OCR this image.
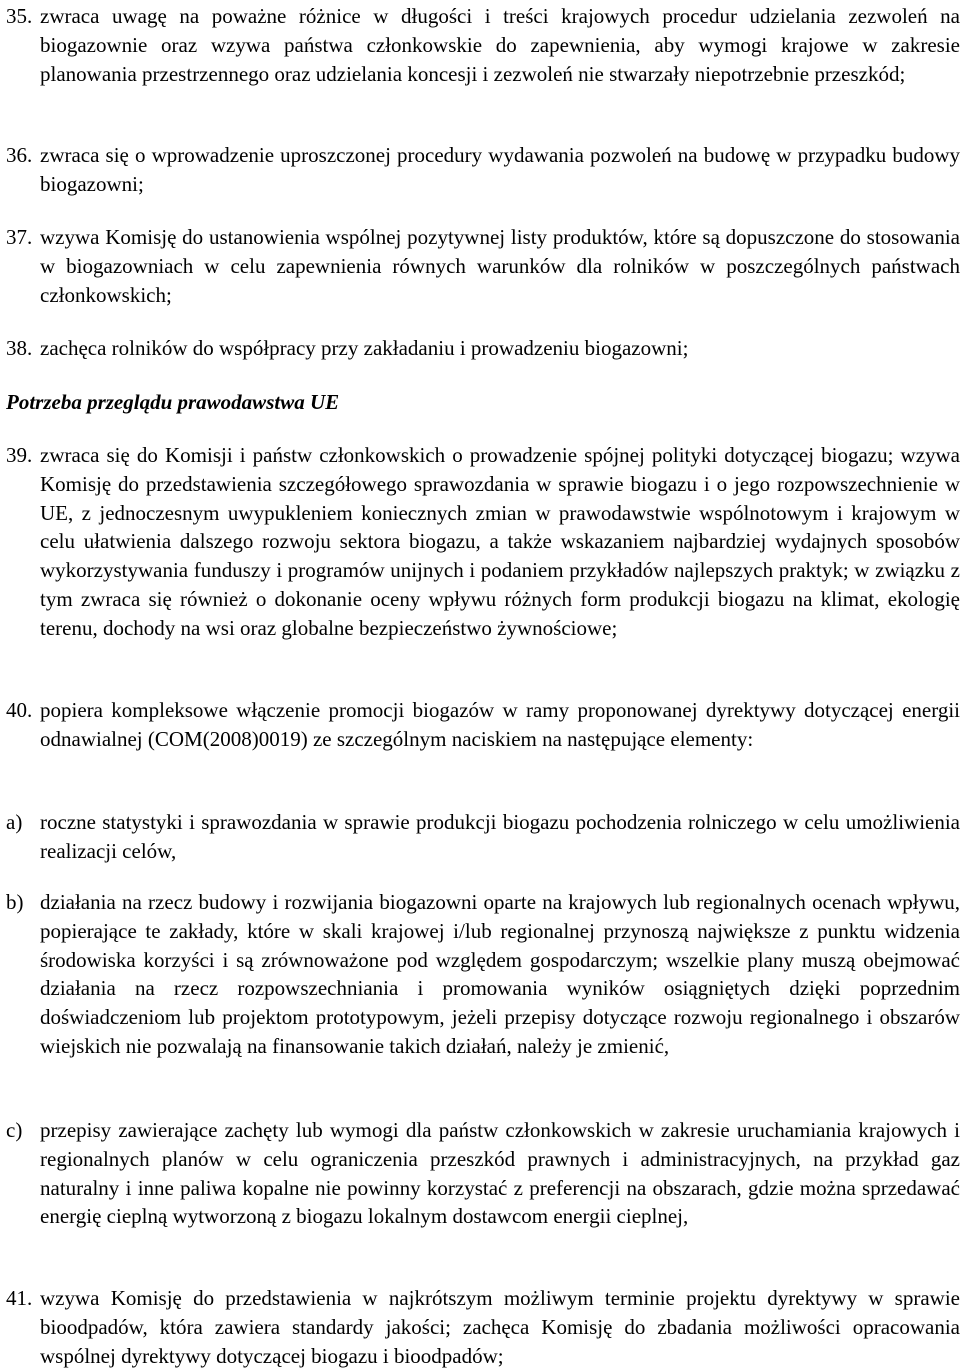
35. zwraca uwagę na poważne różnice w długości i treści krajowych procedur udzielania zezwoleń na biogazownie oraz wzywa państwa członkowskie do zapewnienia, aby wymogi krajowe w zakresie planowania przestrzennego oraz udzielania koncesji i zezwoleń nie stwarzały niepotrzebnie przeszkód;
36. zwraca się o wprowadzenie uproszczonej procedury wydawania pozwoleń na budowę w przypadku budowy biogazowni;
37. wzywa Komisję do ustanowienia wspólnej pozytywnej listy produktów, które są dopuszczone do stosowania w biogazowniach w celu zapewnienia równych warunków dla rolników w poszczególnych państwach członkowskich;
38. zachęca rolników do współpracy przy zakładaniu i prowadzeniu biogazowni;
Potrzeba przeglądu prawodawstwa UE
39. zwraca się do Komisji i państw członkowskich o prowadzenie spójnej polityki dotyczącej biogazu; wzywa Komisję do przedstawienia szczegółowego sprawozdania w sprawie biogazu i o jego rozpowszechnienie w UE, z jednoczesnym uwypukleniem koniecznych zmian w prawodawstwie wspólnotowym i krajowym w celu ułatwienia dalszego rozwoju sektora biogazu, a także wskazaniem najbardziej wydajnych sposobów wykorzystywania funduszy i programów unijnych i podaniem przykładów najlepszych praktyk; w związku z tym zwraca się również o dokonanie oceny wpływu różnych form produkcji biogazu na klimat, ekologię terenu, dochody na wsi oraz globalne bezpieczeństwo żywnościowe;
40. popiera kompleksowe włączenie promocji biogazów w ramy proponowanej dyrektywy dotyczącej energii odnawialnej (COM(2008)0019) ze szczególnym naciskiem na następujące elementy:
a) roczne statystyki i sprawozdania w sprawie produkcji biogazu pochodzenia rolniczego w celu umożliwienia realizacji celów,
b) działania na rzecz budowy i rozwijania biogazowni oparte na krajowych lub regionalnych ocenach wpływu, popierające te zakłady, które w skali krajowej i/lub regionalnej przynoszą największe z punktu widzenia środowiska korzyści i są zrównoważone pod względem gospodarczym; wszelkie plany muszą obejmować działania na rzecz rozpowszechniania i promowania wyników osiągniętych dzięki poprzednim doświadczeniom lub projektom prototypowym, jeżeli przepisy dotyczące rozwoju regionalnego i obszarów wiejskich nie pozwalają na finansowanie takich działań, należy je zmienić,
c) przepisy zawierające zachęty lub wymogi dla państw członkowskich w zakresie uruchamiania krajowych i regionalnych planów w celu ograniczenia przeszkód prawnych i administracyjnych, na przykład gaz naturalny i inne paliwa kopalne nie powinny korzystać z preferencji na obszarach, gdzie można sprzedawać energię cieplną wytworzoną z biogazu lokalnym dostawcom energii cieplnej,
41. wzywa Komisję do przedstawienia w najkrótszym możliwym terminie projektu dyrektywy w sprawie bioodpadów, która zawiera standardy jakości; zachęca Komisję do zbadania możliwości opracowania wspólnej dyrektywy dotyczącej biogazu i bioodpadów;
